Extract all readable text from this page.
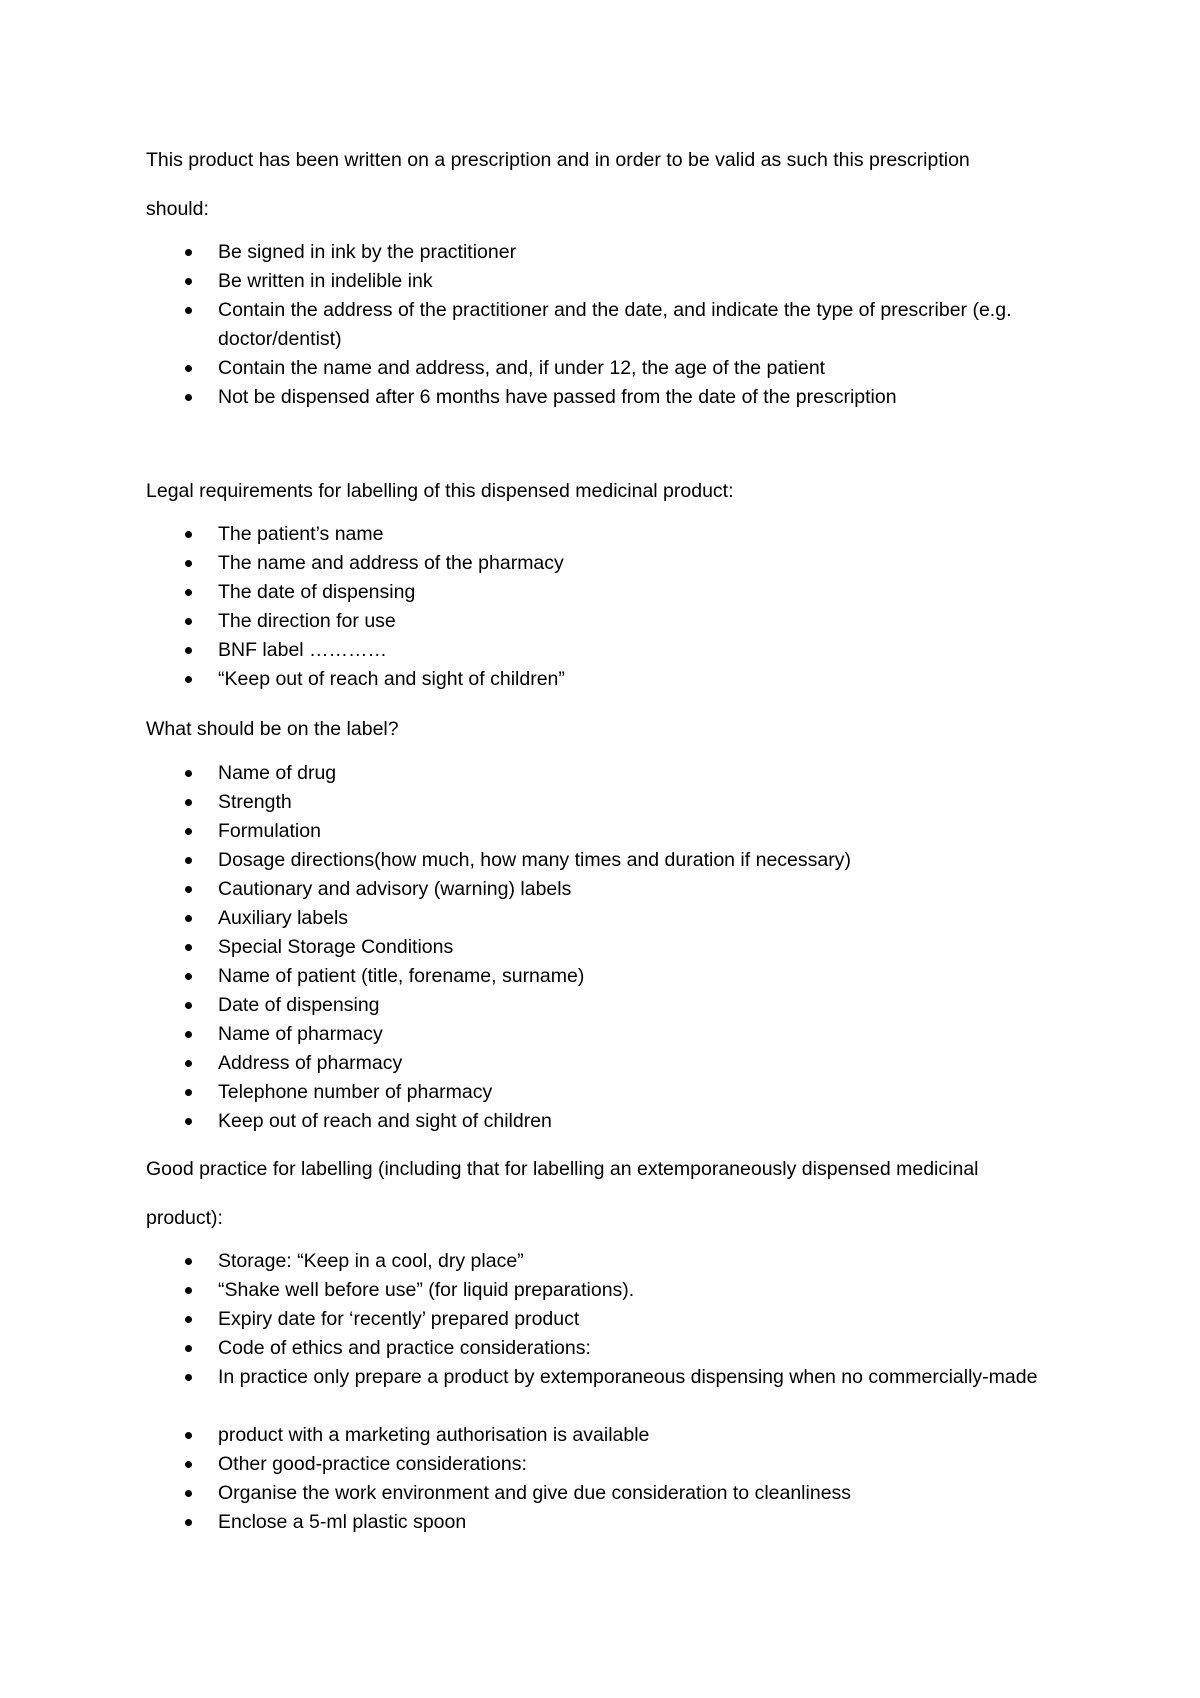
This product has been written on a prescription and in order to be valid as such this prescription

should:

Be signed in ink by the practitioner
Be written in indelible ink
Contain the address of the practitioner and the date, and indicate the type of prescriber (e.g. doctor/dentist)
Contain the name and address, and, if under 12, the age of the patient
Not be dispensed after 6 months have passed from the date of the prescription

Legal requirements for labelling of this dispensed medicinal product:

The patient’s name
The name and address of the pharmacy
The date of dispensing
The direction for use
BNF label …………
“Keep out of reach and sight of children”

What should be on the label?

Name of drug
Strength
Formulation
Dosage directions(how much, how many times and duration if necessary)
Cautionary and advisory (warning) labels
Auxiliary labels
Special Storage Conditions
Name of patient (title, forename, surname)
Date of dispensing
Name of pharmacy
Address of pharmacy
Telephone number of pharmacy
Keep out of reach and sight of children

Good practice for labelling (including that for labelling an extemporaneously dispensed medicinal

product):

Storage: “Keep in a cool, dry place”
“Shake well before use” (for liquid preparations).
Expiry date for ‘recently’ prepared product
Code of ethics and practice considerations:
In practice only prepare a product by extemporaneous dispensing when no commercially-made
product with a marketing authorisation is available
Other good-practice considerations:
Organise the work environment and give due consideration to cleanliness
Enclose a 5-ml plastic spoon
